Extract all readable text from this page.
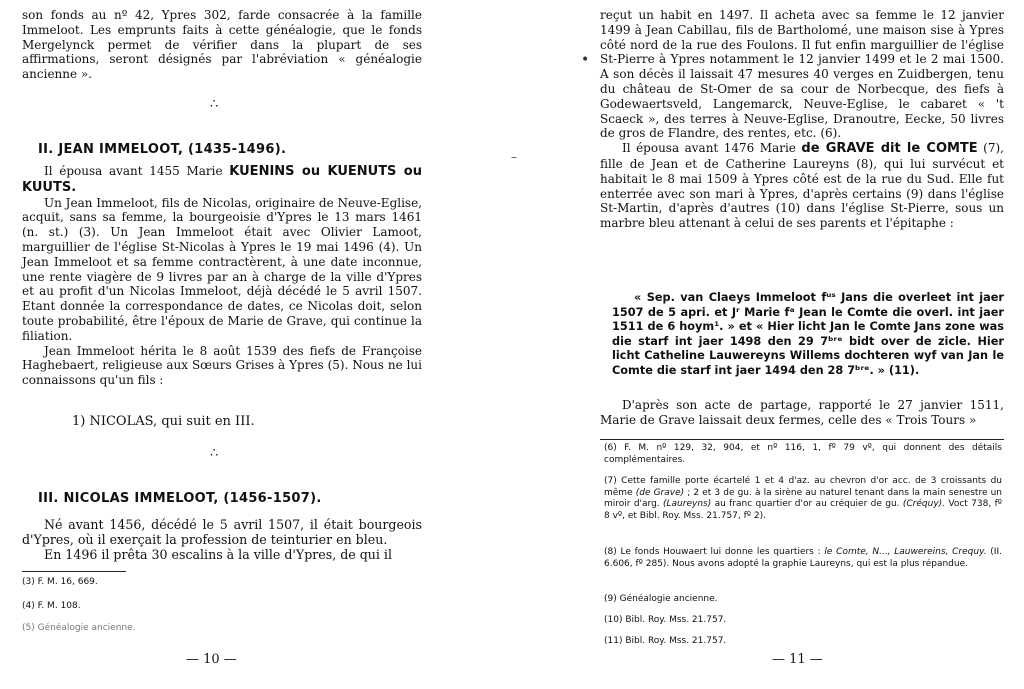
son fonds au nº 42, Ypres 302, farde consacrée à la famille Immeloot. Les emprunts faits à cette généalogie, que le fonds Mergelynck permet de vérifier dans la plupart de ses affirmations, seront désignés par l'abréviation « généalogie ancienne ».

∴
II. JEAN IMMELOOT, (1435-1496).

Il épousa avant 1455 Marie KUENINS ou KUENUTS ou KUUTS.

Un Jean Immeloot, fils de Nicolas, originaire de Neuve-Eglise, acquit, sans sa femme, la bourgeoisie d'Ypres le 13 mars 1461 (n. st.) (3). Un Jean Immeloot était avec Olivier Lamoot, marguillier de l'église St-Nicolas à Ypres le 19 mai 1496 (4). Un Jean Immeloot et sa femme contractèrent, à une date inconnue, une rente viagère de 9 livres par an à charge de la ville d'Ypres et au profit d'un Nicolas Immeloot, déjà décédé le 5 avril 1507. Etant donnée la correspondance de dates, ce Nicolas doit, selon toute probabilité, être l'époux de Marie de Grave, qui continue la filiation.

Jean Immeloot hérita le 8 août 1539 des fiefs de Françoise Haghebaert, religieuse aux Sœurs Grises à Ypres (5). Nous ne lui connaissons qu'un fils :

1) NICOLAS, qui suit en III.
∴
III. NICOLAS IMMELOOT, (1456-1507).

Né avant 1456, décédé le 5 avril 1507, il était bourgeois d'Ypres, où il exerçait la profession de teinturier en bleu.

En 1496 il prêta 30 escalins à la ville d'Ypres, de qui il

(3) F. M. 16, 669.
(4) F. M. 108.
(5) Généalogie ancienne.
— 10 —
–
•

reçut un habit en 1497. Il acheta avec sa femme le 12 janvier 1499 à Jean Cabillau, fils de Bartholomé, une maison sise à Ypres côté nord de la rue des Foulons. Il fut enfin marguillier de l'église St-Pierre à Ypres notamment le 12 janvier 1499 et le 2 mai 1500. A son décès il laissait 47 mesures 40 verges en Zuidbergen, tenu du château de St-Omer de sa cour de Norbecque, des fiefs à Godewaertsveld, Langemarck, Neuve-Eglise, le cabaret « 't Scaeck », des terres à Neuve-Eglise, Dranoutre, Eecke, 50 livres de gros de Flandre, des rentes, etc. (6).

Il épousa avant 1476 Marie de GRAVE dit le COMTE (7), fille de Jean et de Catherine Laureyns (8), qui lui survécut et habitait le 8 mai 1509 à Ypres côté est de la rue du Sud. Elle fut enterrée avec son mari à Ypres, d'après certains (9) dans l'église St-Martin, d'après d'autres (10) dans l'église St-Pierre, sous un marbre bleu attenant à celui de ses parents et l'épitaphe :

« Sep. van Claeys Immeloot fᵘˢ Jans die overleet int jaer 1507 de 5 apri. et Jʳ Marie fᵃ Jean le Comte die overl. int jaer 1511 de 6 hoym¹. » et « Hier licht Jan le Comte Jans zone was die starf int jaer 1498 den 29 7ᵇʳᵉ bidt over de zicle. Hier licht Catheline Lauwereyns Willems dochteren wyf van Jan le Comte die starf int jaer 1494 den 28 7ᵇʳᵉ. » (11).

D'après son acte de partage, rapporté le 27 janvier 1511, Marie de Grave laissait deux fermes, celle des « Trois Tours »

(6) F. M. nº 129, 32, 904, et nº 116, 1, fº 79 vº, qui donnent des détails complémentaires.
(7) Cette famille porte écartelé 1 et 4 d'az. au chevron d'or acc. de 3 croissants du même (de Grave) ; 2 et 3 de gu. à la sirène au naturel tenant dans la main senestre un miroir d'arg. (Laureyns) au franc quartier d'or au créquier de gu. (Créquy). Voct 738, fº 8 vº, et Bibl. Roy. Mss. 21.757, fº 2).
(8) Le fonds Houwaert lui donne les quartiers : le Comte, N..., Lauwereins, Crequy. (II. 6.606, fº 285). Nous avons adopté la graphie Laureyns, qui est la plus répandue.
(9) Généalogie ancienne.
(10) Bibl. Roy. Mss. 21.757.
(11) Bibl. Roy. Mss. 21.757.
— 11 —
